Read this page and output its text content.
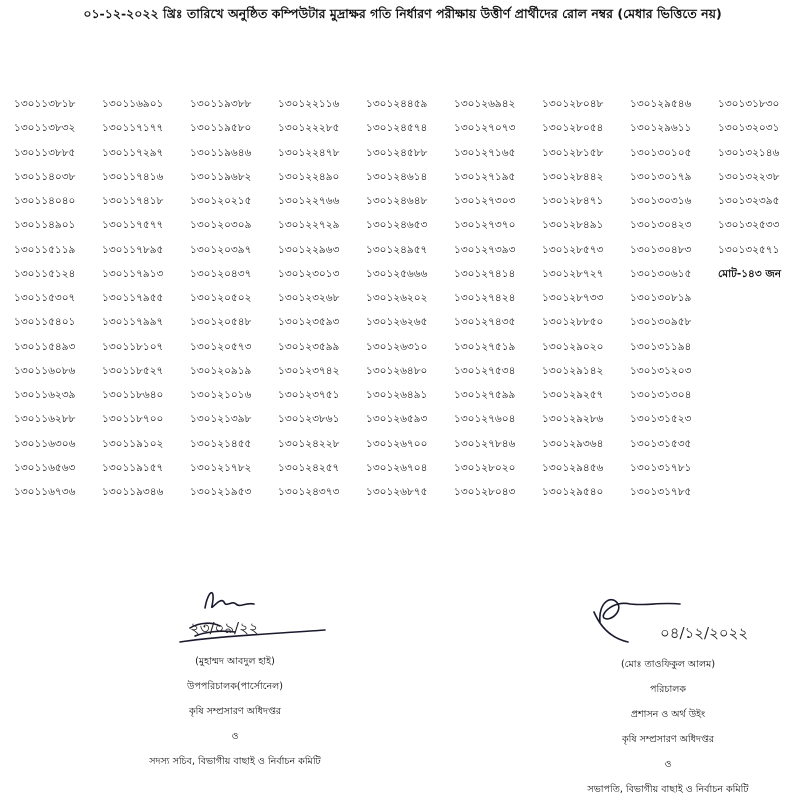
০১-১২-২০২২ খ্রিঃ তারিখে অনুষ্ঠিত কম্পিউটার মুদ্রাক্ষর গতি নির্ধারণ পরীক্ষায় উত্তীর্ণ প্রার্থীদের রোল নম্বর (মেধার ভিত্তিতে নয়)
১৩০১১৩৮১৮
১৩০১১৩৮৩২
১৩০১১৩৮৮৫
১৩০১১৪০৩৮
১৩০১১৪০৪০
১৩০১১৪৯০১
১৩০১১৫১১৯
১৩০১১৫১২৪
১৩০১১৫৩০৭
১৩০১১৫৪০১
১৩০১১৫৪৯৩
১৩০১১৬০৮৬
১৩০১১৬২৩৯
১৩০১১৬২৮৮
১৩০১১৬৩০৬
১৩০১১৬৫৬৩
১৩০১১৬৭৩৬
১৩০১১৬৯০১
১৩০১১৭১৭৭
১৩০১১৭২৯৭
১৩০১১৭৪১৬
১৩০১১৭৪১৮
১৩০১১৭৫৭৭
১৩০১১৭৮৯৫
১৩০১১৭৯১৩
১৩০১১৭৯৫৫
১৩০১১৭৯৯৭
১৩০১১৮১০৭
১৩০১১৮৫২৭
১৩০১১৮৬৪০
১৩০১১৮৭০০
১৩০১১৯১০২
১৩০১১৯১৫৭
১৩০১১৯৩৪৬
১৩০১১৯৩৮৮
১৩০১১৯৫৮০
১৩০১১৯৬৪৬
১৩০১১৯৬৮২
১৩০১২০২১৫
১৩০১২০৩০৯
১৩০১২০৩৯৭
১৩০১২০৪৩৭
১৩০১২০৫০২
১৩০১২০৫৪৮
১৩০১২০৫৭৩
১৩০১২০৯১৯
১৩০১২১০১৬
১৩০১২১৩৯৮
১৩০১২১৪৫৫
১৩০১২১৭৮২
১৩০১২১৯৫৩
১৩০১২২১১৬
১৩০১২২২৮৫
১৩০১২২৪৭৮
১৩০১২২৪৯০
১৩০১২২৭৬৬
১৩০১২২৭২৯
১৩০১২২৯৬৩
১৩০১২৩০১৩
১৩০১২৩২৬৮
১৩০১২৩৫৯৩
১৩০১২৩৫৯৯
১৩০১২৩৭৪২
১৩০১২৩৭৫১
১৩০১২৩৮৬১
১৩০১২৪২২৮
১৩০১২৪২৫৭
১৩০১২৪৩৭৩
১৩০১২৪৪৫৯
১৩০১২৪৫৭৪
১৩০১২৪৫৮৮
১৩০১২৪৬১৪
১৩০১২৪৬৪৮
১৩০১২৪৬৫৩
১৩০১২৪৯৫৭
১৩০১২৫৬৬৬
১৩০১২৬২০২
১৩০১২৬২৬৫
১৩০১২৬৩১০
১৩০১২৬৪৮০
১৩০১২৬৪৯১
১৩০১২৬৫৯৩
১৩০১২৬৭০০
১৩০১২৬৭০৪
১৩০১২৬৮৭৫
১৩০১২৬৯৪২
১৩০১২৭০৭৩
১৩০১২৭১৬৫
১৩০১২৭১৯৫
১৩০১২৭৩০৩
১৩০১২৭৩৭০
১৩০১২৭৩৯৩
১৩০১২৭৪১৪
১৩০১২৭৪২৪
১৩০১২৭৪৩৫
১৩০১২৭৫১৯
১৩০১২৭৫৩৪
১৩০১২৭৫৯৯
১৩০১২৭৬০৪
১৩০১২৭৮৪৬
১৩০১২৮০২০
১৩০১২৮০৪৩
১৩০১২৮০৪৮
১৩০১২৮০৫৪
১৩০১২৮১৫৮
১৩০১২৮৪৪২
১৩০১২৮৪৭১
১৩০১২৮৪৯১
১৩০১২৮৫৭৩
১৩০১২৮৭২৭
১৩০১২৮৭৩৩
১৩০১২৮৮৫০
১৩০১২৯০২০
১৩০১২৯১৪২
১৩০১২৯২৫৭
১৩০১২৯২৮৬
১৩০১২৯৩৬৪
১৩০১২৯৪৫৬
১৩০১২৯৫৪০
১৩০১২৯৫৪৬
১৩০১২৯৬১১
১৩০১৩০১০৫
১৩০১৩০১৭৯
১৩০১৩০৩১৬
১৩০১৩০৪২৩
১৩০১৩০৪৮৩
১৩০১৩০৬১৫
১৩০১৩০৮১৯
১৩০১৩০৯৫৮
১৩০১৩১১৯৪
১৩০১৩১২০৩
১৩০১৩১৩০৪
১৩০১৩১৫২৩
১৩০১৩১৫৩৫
১৩০১৩১৭৮১
১৩০১৩১৭৮৫
১৩০১৩১৮৩০
১৩০১৩২০৩১
১৩০১৩২১৪৬
১৩০১৩২২৩৮
১৩০১৩২৩৯৫
১৩০১৩২৫৩৩
১৩০১৩২৫৭১
মোট-১৪৩ জন
২৩/০৯/২২	০৪/১২/২০২২
(মুহাম্মদ আবদুল হাই)
উপপরিচালক(পার্সোনেল)
কৃষি সম্প্রসারণ অধিদপ্তর
ও
সদস্য সচিব, বিভাগীয় বাছাই ও নির্বাচন কমিটি
(মোঃ তাওফিকুল আলম)
পরিচালক
প্রশাসন ও অর্থ উইং
কৃষি সম্প্রসারণ অধিদপ্তর
ও
সভাপতি, বিভাগীয় বাছাই ও নির্বাচন কমিটি
